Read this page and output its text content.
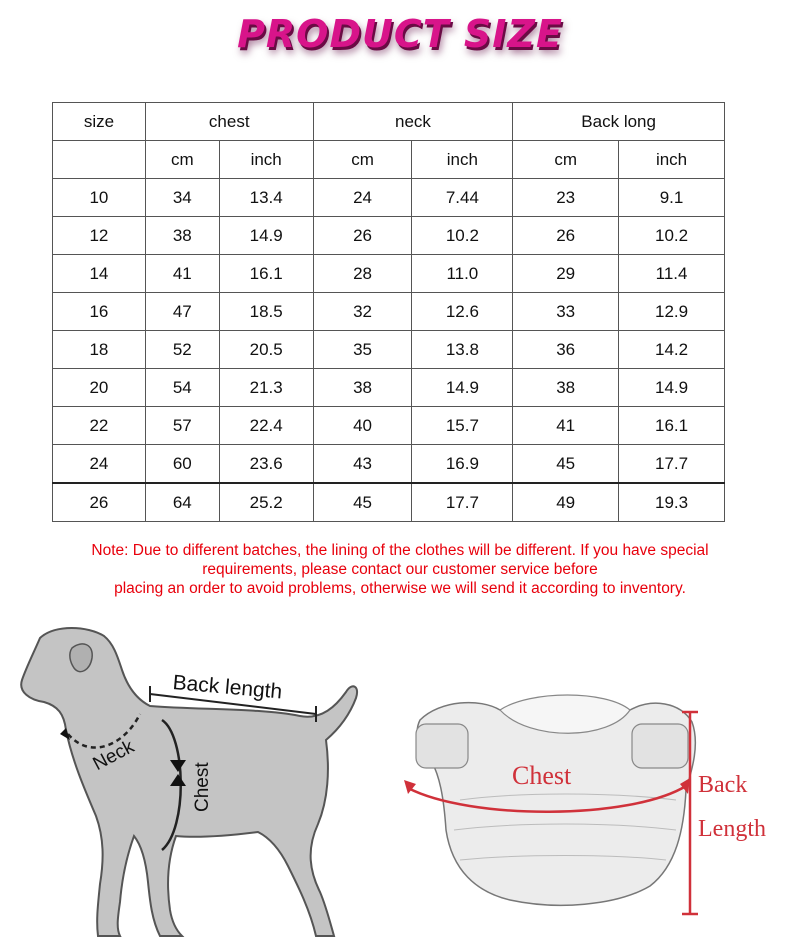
PRODUCT SIZE
size	chest		neck		Back long	
	cm	inch	cm	inch	cm	inch
10	34	13.4	24	7.44	23	9.1
12	38	14.9	26	10.2	26	10.2
14	41	16.1	28	11.0	29	11.4
16	47	18.5	32	12.6	33	12.9
18	52	20.5	35	13.8	36	14.2
20	54	21.3	38	14.9	38	14.9
22	57	22.4	40	15.7	41	16.1
24	60	23.6	43	16.9	45	17.7
26	64	25.2	45	17.7	49	19.3
Note: Due to different batches, the lining of the clothes will be different. If you have special
requirements, please contact our customer service before
placing an order to avoid problems, otherwise we will send it according to inventory.
Back length
Neck
Chest	Chest	Back
Length
